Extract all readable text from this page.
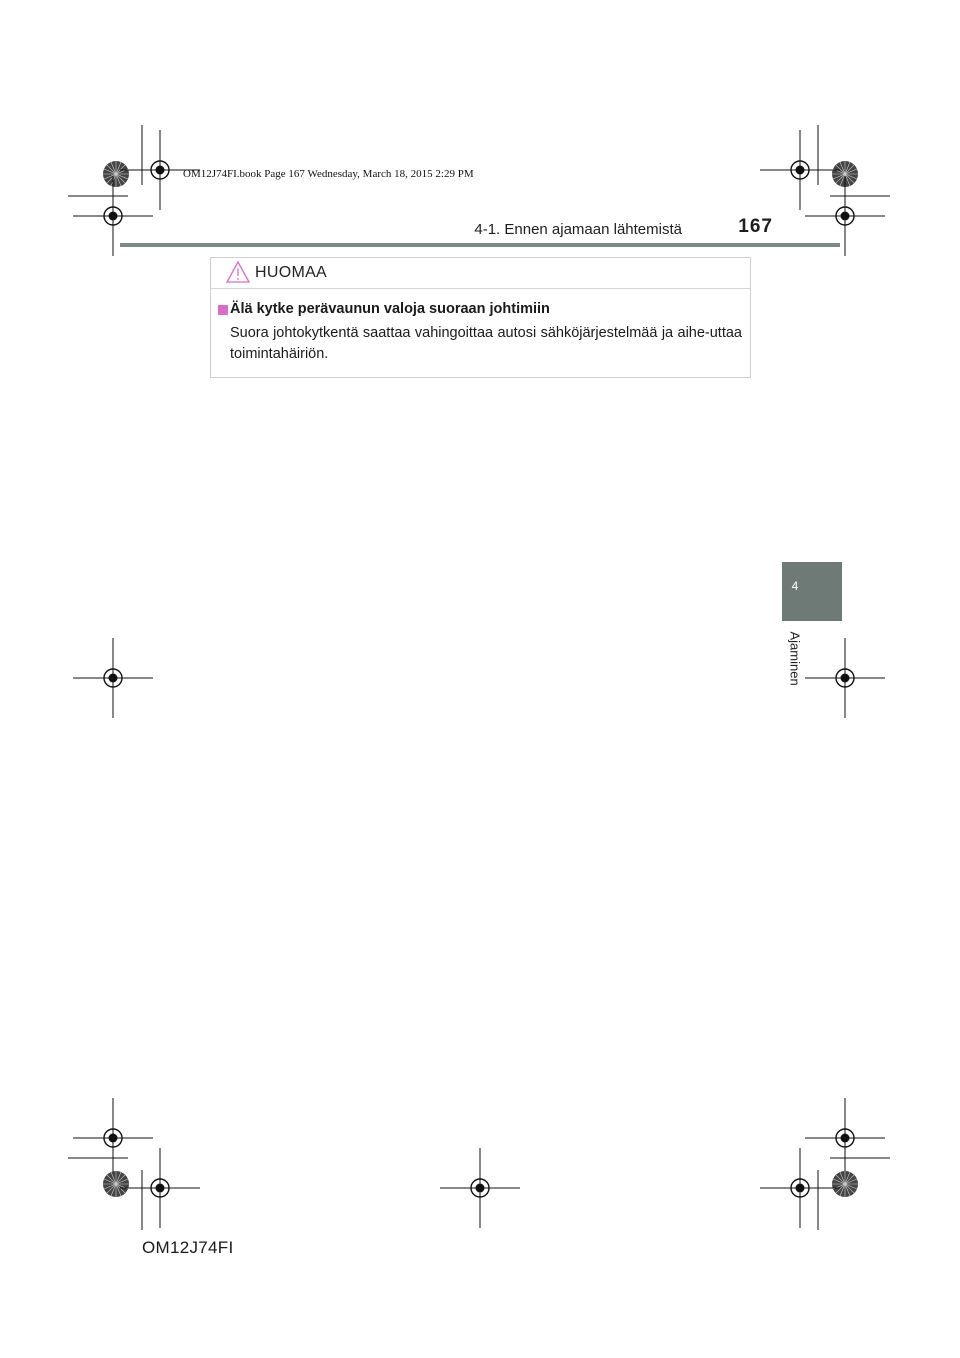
OM12J74FI.book Page 167 Wednesday, March 18, 2015 2:29 PM
4-1. Ennen ajamaan lähtemistä	167
HUOMAA
Älä kytke perävaunun valoja suoraan johtimiin
Suora johtokytkentä saattaa vahingoittaa autosi sähköjärjestelmää ja aihe-uttaa toimintahäiriön.
4
Ajaminen
OM12J74FI
